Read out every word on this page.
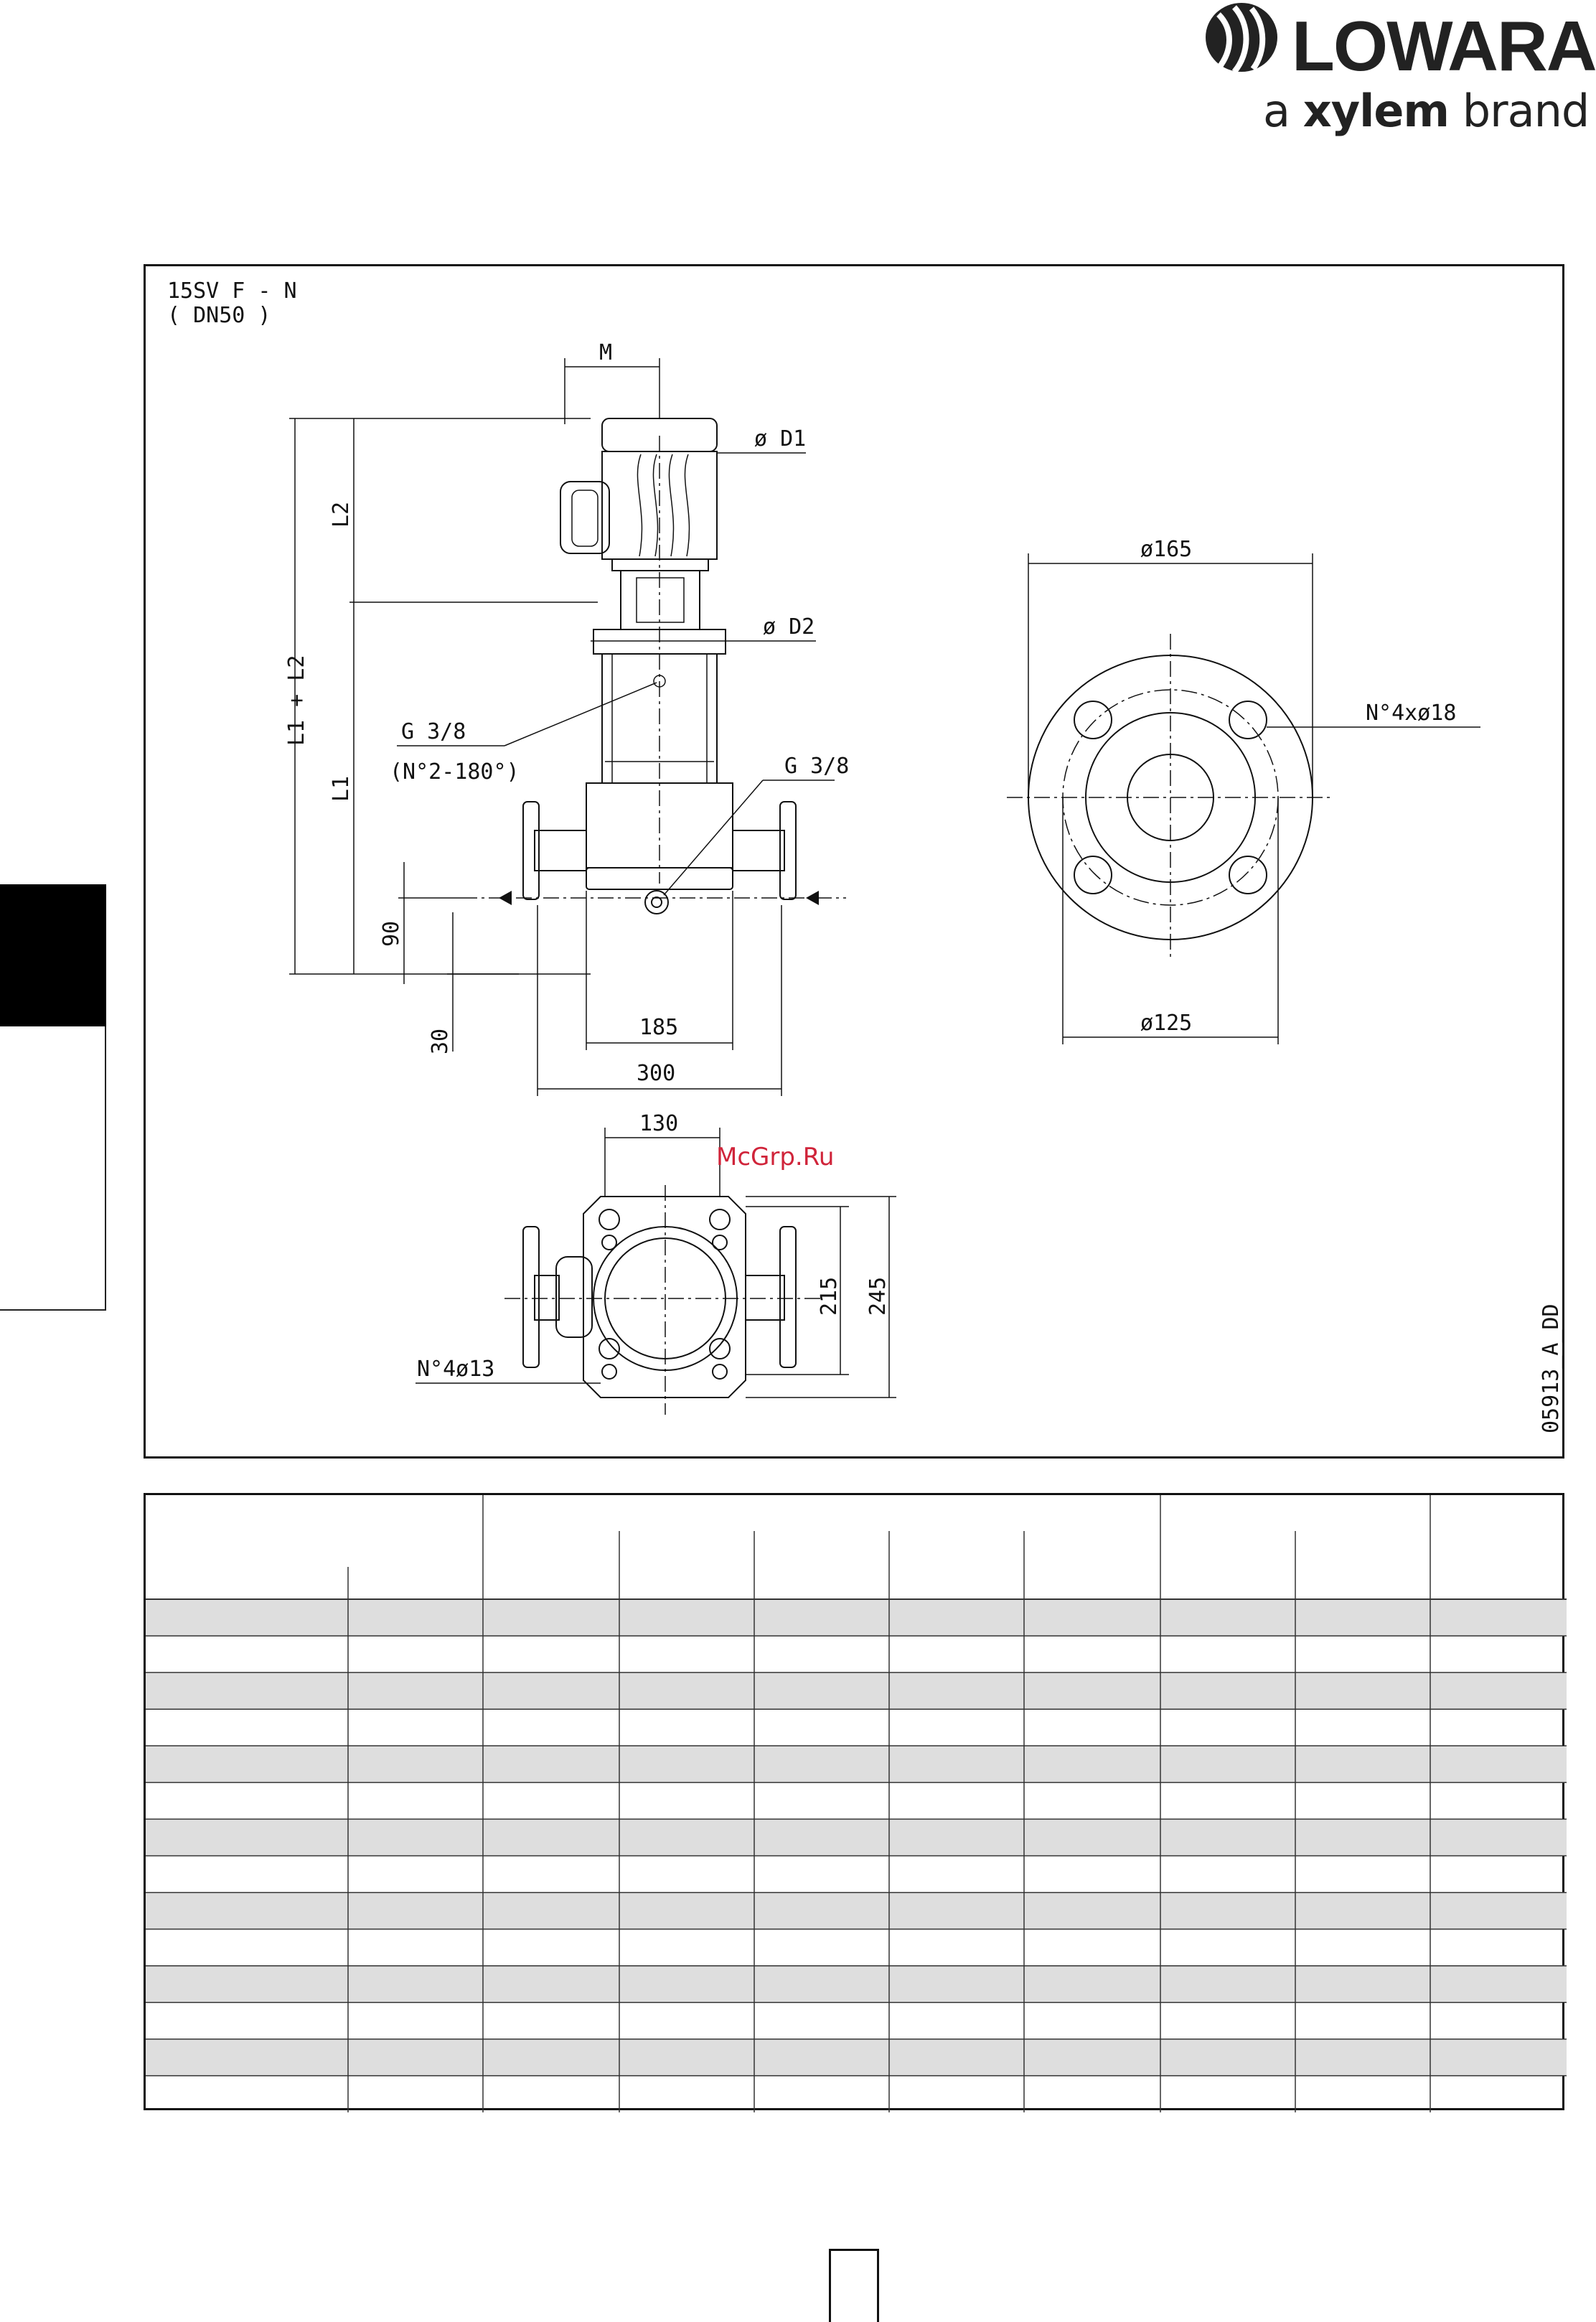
LOWARA
a xylem brand
15SV F - N
( DN50 )
M
ø D1
ø D2
L1 + L2
L2
L1
G 3/8
(N°2-180°)	G 3/8
90
30
185
300
ø165
ø125
N°4xø18
130
215 245
N°4ø13	05913_A_DD
McGrp.Ru
